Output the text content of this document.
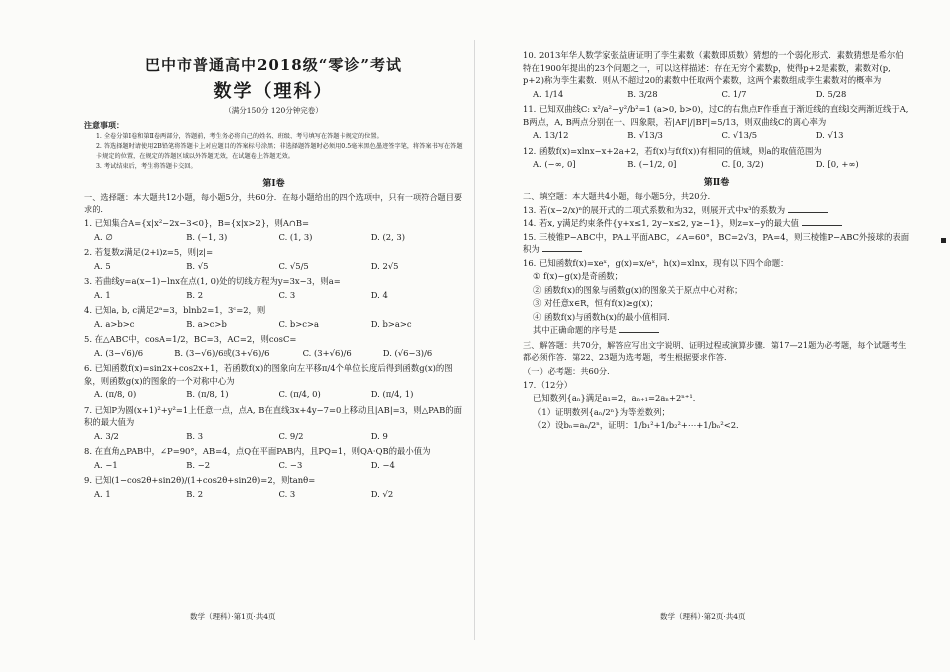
巴中市普通高中2018级“零诊”考试
数学（理科）
（满分150分 120分钟完卷）
注意事项：
1. 全卷分第Ⅰ卷和第Ⅱ卷两部分，答题前，考生务必将自己的姓名、班级、考号填写在答题卡规定的位置。
2. 答选择题时请使用2B铅笔将答题卡上对应题目的答案标号涂黑；非选择题答题时必须用0.5毫米黑色墨迹签字笔，将答案书写在答题卡规定的位置，在规定的答题区域以外答题无效，在试题卷上答题无效。
3. 考试结束后，考生将答题卡交回。
第Ⅰ卷
一、选择题：本大题共12小题，每小题5分，共60分．在每小题给出的四个选项中，只有一项符合题目要求的．
1. 已知集合A={x|x²−2x−3<0}，B={x|x>2}，则A∩B=
A. ∅	B. (−1, 3)	C. (1, 3)	D. (2, 3)
2. 若复数z满足(2+i)z=5，则|z|=
A. 5	B. √5	C. √5/5	D. 2√5
3. 若曲线y=a(x−1)−lnx在点(1, 0)处的切线方程为y=3x−3，则a=
A. 1	B. 2	C. 3	D. 4
4. 已知a, b, c满足2ᵃ=3，blnb2=1，3ᶜ=2，则
A. a>b>c	B. a>c>b	C. b>c>a	D. b>a>c
5. 在△ABC中，cosA=1/2，BC=3，AC=2，则cosC=
A. (3−√6)/6	B. (3−√6)/6或(3+√6)/6	C. (3+√6)/6	D. (√6−3)/6
6. 已知函数f(x)=sin2x+cos2x+1，若函数f(x)的图象向左平移π/4个单位长度后得到函数g(x)的图象，则函数g(x)的图象的一个对称中心为
A. (π/8, 0)	B. (π/8, 1)	C. (π/4, 0)	D. (π/4, 1)
7. 已知P为圆(x+1)²+y²=1上任意一点，点A, B在直线3x+4y−7=0上移动且|AB|=3，则△PAB的面积的最大值为
A. 3/2	B. 3	C. 9/2	D. 9
8. 在直角△PAB中，∠P=90°，AB=4，点Q在平面PAB内，且PQ=1，则QA·QB的最小值为
A. −1	B. −2	C. −3	D. −4
9. 已知(1−cos2θ+sin2θ)/(1+cos2θ+sin2θ)=2，则tanθ=
A. 1	B. 2	C. 3	D. √2
10. 2013年华人数学家张益唐证明了孪生素数（素数即质数）猜想的一个弱化形式．素数猜想是希尔伯特在1900年提出的23个问题之一，可以这样描述：存在无穷个素数p，使得p+2是素数，素数对(p, p+2)称为孪生素数．则从不超过20的素数中任取两个素数，这两个素数组成孪生素数对的概率为
A. 1/14	B. 3/28	C. 1/7	D. 5/28
11. 已知双曲线C: x²/a²−y²/b²=1 (a>0, b>0)，过C的右焦点F作垂直于渐近线的直线l交两渐近线于A, B两点，A, B两点分别在一、四象限，若|AF|/|BF|=5/13，则双曲线C的离心率为
A. 13/12	B. √13/3	C. √13/5	D. √13
12. 函数f(x)=xlnx−x+2a+2，若f(x)与f(f(x))有相同的值域，则a的取值范围为
A. (−∞, 0]	B. (−1/2, 0]	C. [0, 3/2)	D. [0, +∞)
第Ⅱ卷
二、填空题：本大题共4小题，每小题5分，共20分．
13. 若(x−2/x)ⁿ的展开式的二项式系数和为32，则展开式中x³的系数为
14. 若x, y满足约束条件{y+x≤1, 2y−x≤2, y≥−1}，则z=x−y的最大值
15. 三棱锥P−ABC中，PA⊥平面ABC，∠A=60°，BC=2√3，PA=4，则三棱锥P−ABC外接球的表面积为
16. 已知函数f(x)=xeˣ，g(x)=x/eˣ，h(x)=xlnx，现有以下四个命题：
① f(x)−g(x)是奇函数；
② 函数f(x)的图象与函数g(x)的图象关于原点中心对称；
③ 对任意x∈R，恒有f(x)≥g(x)；
④ 函数f(x)与函数h(x)的最小值相同．
其中正确命题的序号是
三、解答题：共70分，解答应写出文字说明、证明过程或演算步骤．第17—21题为必考题，每个试题考生都必须作答．第22、23题为选考题，考生根据要求作答．
（一）必考题：共60分．
17.（12分）
已知数列{aₙ}满足a₁=2，aₙ₊₁=2aₙ+2ⁿ⁺¹．
（1）证明数列{aₙ/2ⁿ}为等差数列；
（2）设bₙ=aₙ/2ⁿ，证明：1/b₁²+1/b₂²+⋯+1/bₙ²<2．
数学（理科）·第1页·共4页	数学（理科）·第2页·共4页
